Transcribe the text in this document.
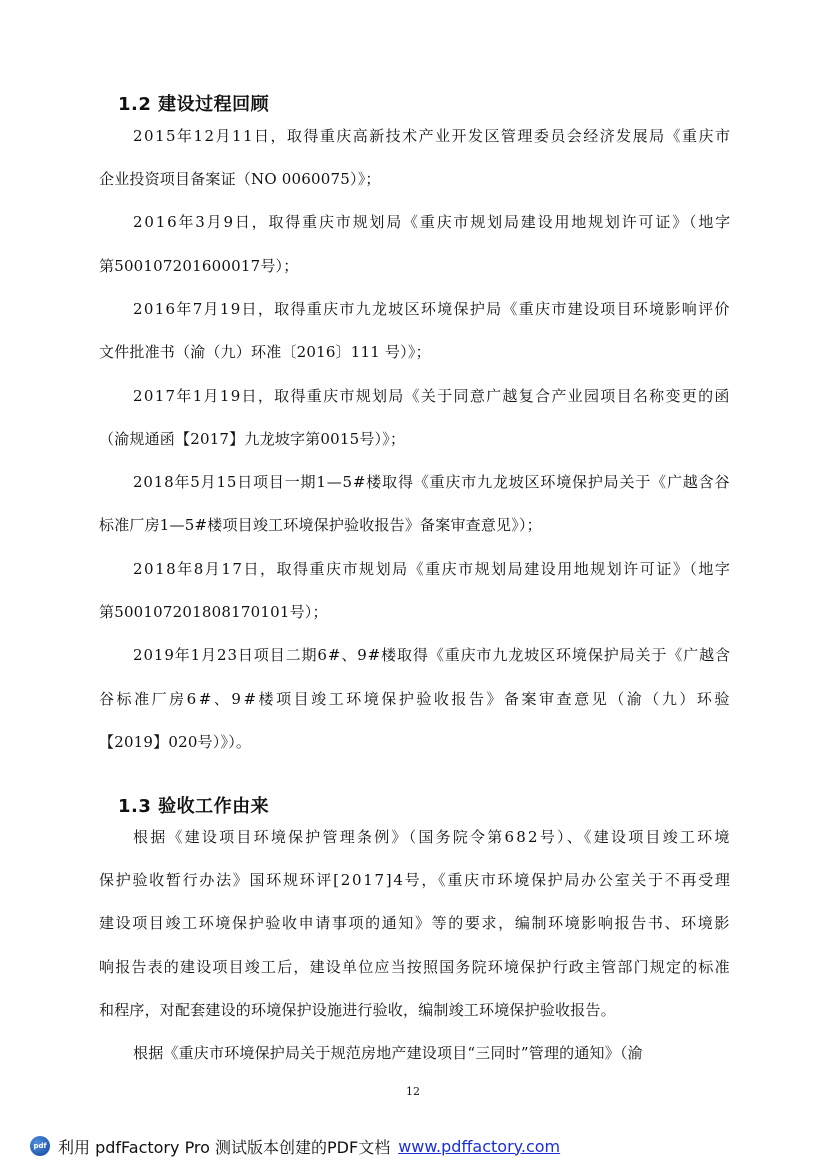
1.2 建设过程回顾

2015年12月11日，取得重庆高新技术产业开发区管理委员会经济发展局《重庆市

企业投资项目备案证（NO 0060075）》；

2016年3月9日，取得重庆市规划局《重庆市规划局建设用地规划许可证》（地字

第500107201600017号）；

2016年7月19日，取得重庆市九龙坡区环境保护局《重庆市建设项目环境影响评价

文件批准书（渝（九）环准〔2016〕111 号）》；

2017年1月19日，取得重庆市规划局《关于同意广越复合产业园项目名称变更的函

（渝规通函【2017】九龙坡字第0015号）》；

2018年5月15日项目一期1—5#楼取得《重庆市九龙坡区环境保护局关于《广越含谷

标准厂房1—5#楼项目竣工环境保护验收报告》备案审查意见》）；

2018年8月17日，取得重庆市规划局《重庆市规划局建设用地规划许可证》（地字

第500107201808170101号）；

2019年1月23日项目二期6#、9#楼取得《重庆市九龙坡区环境保护局关于《广越含

谷标准厂房6#、9#楼项目竣工环境保护验收报告》备案审查意见（渝（九）环验

【2019】020号）》）。

1.3 验收工作由来

根据《建设项目环境保护管理条例》（国务院令第682号）、《建设项目竣工环境

保护验收暂行办法》国环规环评[2017]4号，《重庆市环境保护局办公室关于不再受理

建设项目竣工环境保护验收申请事项的通知》等的要求，编制环境影响报告书、环境影

响报告表的建设项目竣工后，建设单位应当按照国务院环境保护行政主管部门规定的标准

和程序，对配套建设的环境保护设施进行验收，编制竣工环境保护验收报告。

根据《重庆市环境保护局关于规范房地产建设项目“三同时”管理的通知》（渝

12
pdf 利用 pdfFactory Pro 测试版本创建的PDF文档 www.pdffactory.com
